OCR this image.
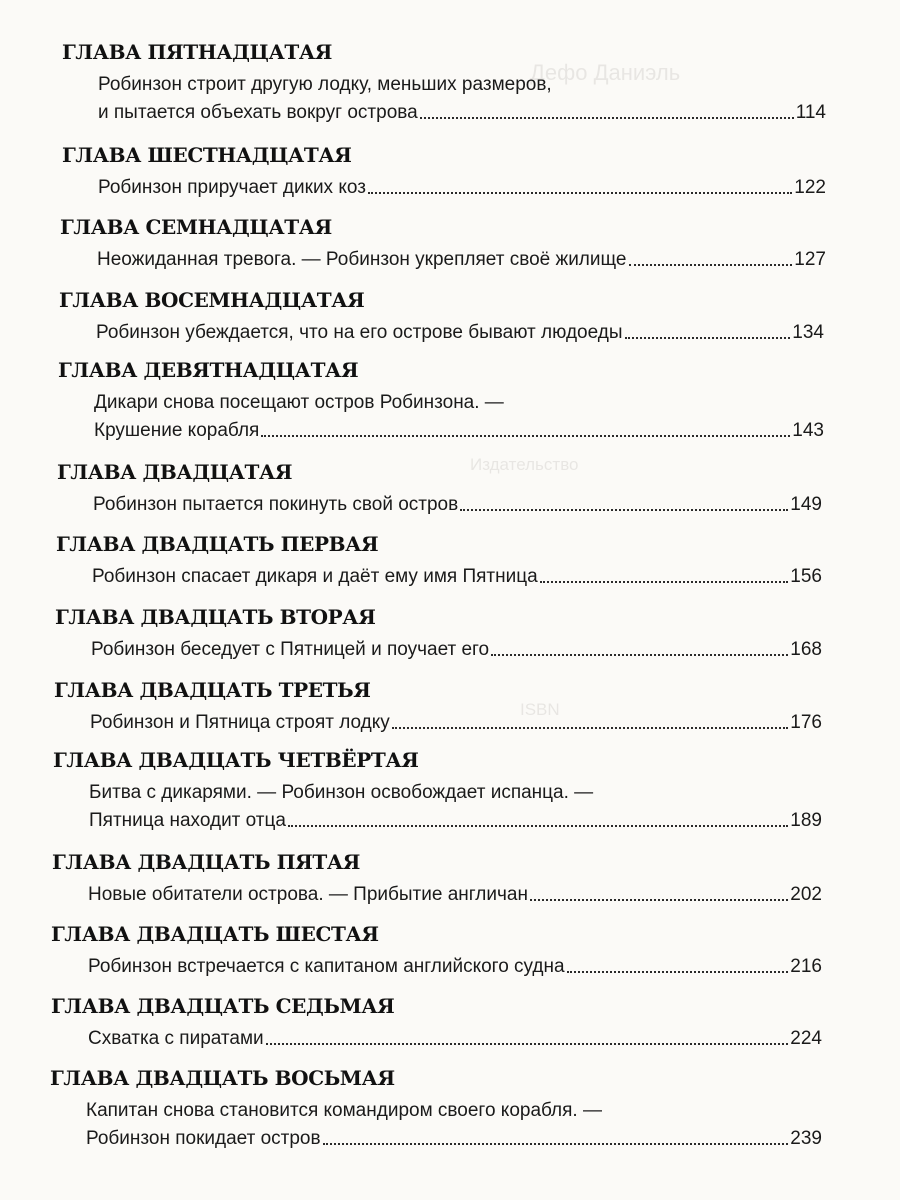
Дефо Даниэль
Издательство
ISBN
ГЛАВА ПЯТНАДЦАТАЯ
Робинзон строит другую лодку, меньших размеров,
и пытается объехать вокруг острова	114
ГЛАВА ШЕСТНАДЦАТАЯ
Робинзон приручает диких коз	122
ГЛАВА СЕМНАДЦАТАЯ
Неожиданная тревога. — Робинзон укрепляет своё жилище	127
ГЛАВА ВОСЕМНАДЦАТАЯ
Робинзон убеждается, что на его острове бывают людоеды	134
ГЛАВА ДЕВЯТНАДЦАТАЯ
Дикари снова посещают остров Робинзона. —
Крушение корабля	143
ГЛАВА ДВАДЦАТАЯ
Робинзон пытается покинуть свой остров	149
ГЛАВА ДВАДЦАТЬ ПЕРВАЯ
Робинзон спасает дикаря и даёт ему имя Пятница	156
ГЛАВА ДВАДЦАТЬ ВТОРАЯ
Робинзон беседует с Пятницей и поучает его	168
ГЛАВА ДВАДЦАТЬ ТРЕТЬЯ
Робинзон и Пятница строят лодку	176
ГЛАВА ДВАДЦАТЬ ЧЕТВЁРТАЯ
Битва с дикарями. — Робинзон освобождает испанца. —
Пятница находит отца	189
ГЛАВА ДВАДЦАТЬ ПЯТАЯ
Новые обитатели острова. — Прибытие англичан	202
ГЛАВА ДВАДЦАТЬ ШЕСТАЯ
Робинзон встречается с капитаном английского судна	216
ГЛАВА ДВАДЦАТЬ СЕДЬМАЯ
Схватка с пиратами	224
ГЛАВА ДВАДЦАТЬ ВОСЬМАЯ
Капитан снова становится командиром своего корабля. —
Робинзон покидает остров	239
